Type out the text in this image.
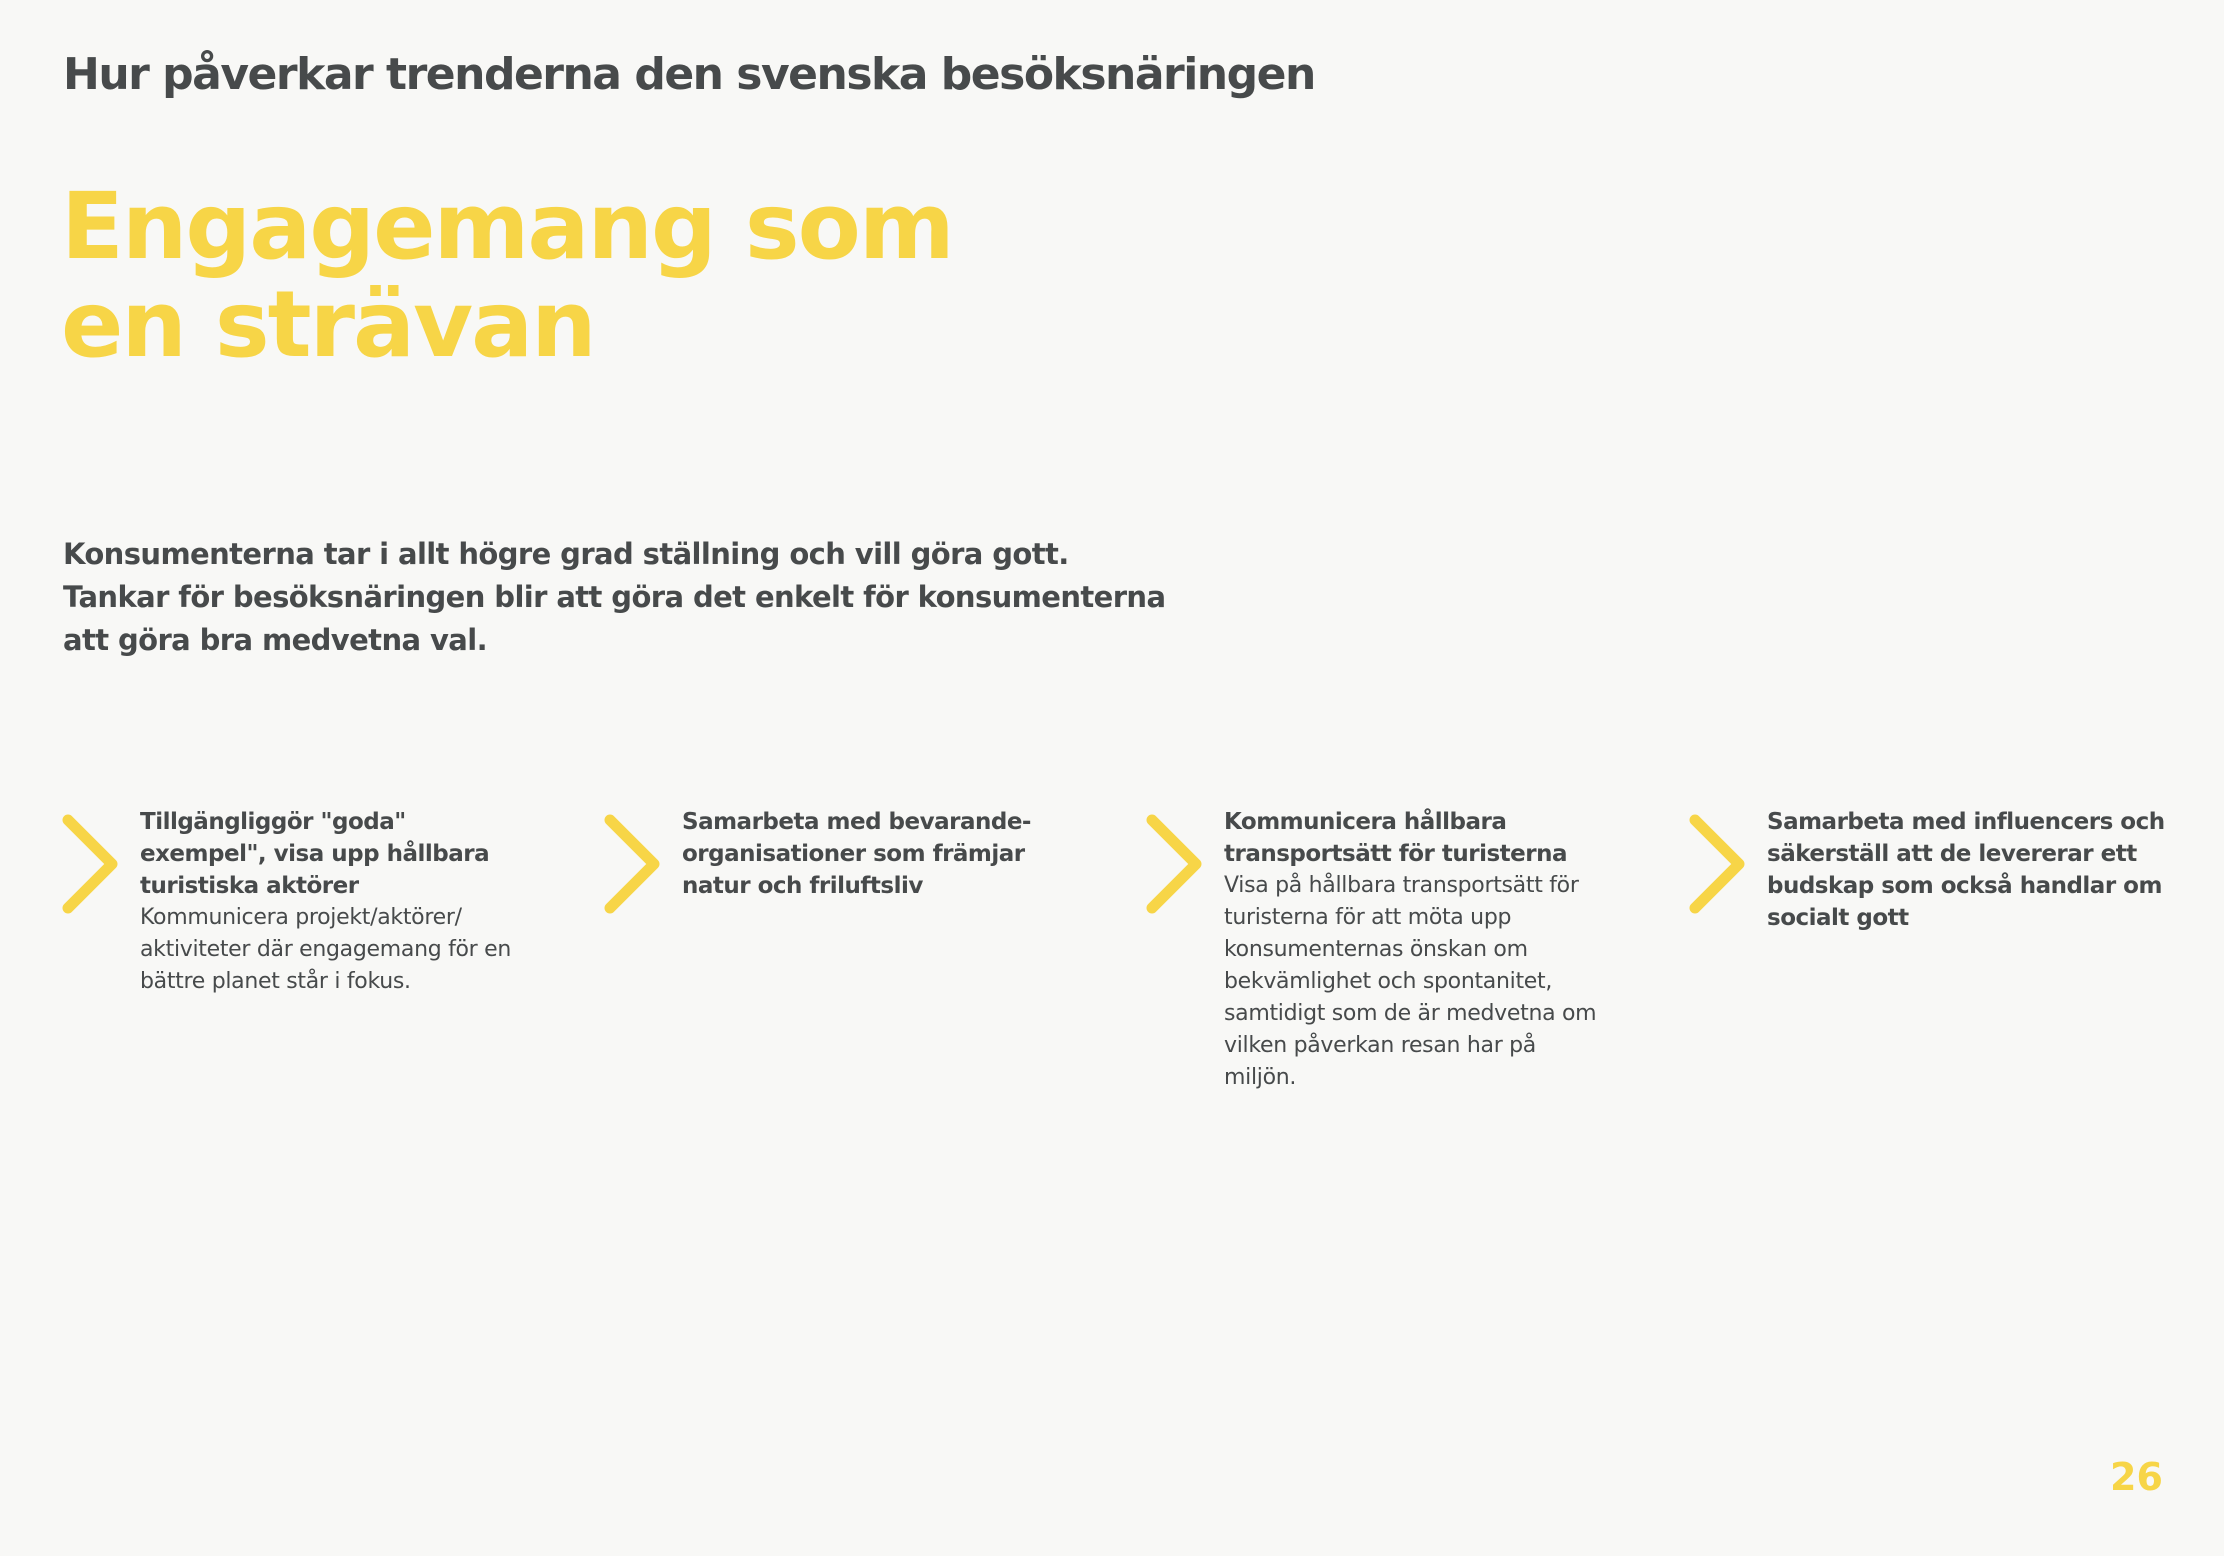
Hur påverkar trenderna den svenska besöksnäringen
Engagemang som
en strävan

Konsumenterna tar i allt högre grad ställning och vill göra gott.
Tankar för besöksnäringen blir att göra det enkelt för konsumenterna
att göra bra medvetna val.

Tillgängliggör "goda"
exempel", visa upp hållbara
turistiska aktörer

Kommunicera projekt/aktörer/
aktiviteter där engagemang för en
bättre planet står i fokus.

Samarbeta med bevarande-
organisationer som främjar
natur och friluftsliv

Kommunicera hållbara
transportsätt för turisterna

Visa på hållbara transportsätt för
turisterna för att möta upp
konsumenternas önskan om
bekvämlighet och spontanitet,
samtidigt som de är medvetna om
vilken påverkan resan har på
miljön.

Samarbeta med influencers och
säkerställ att de levererar ett
budskap som också handlar om
socialt gott

26
